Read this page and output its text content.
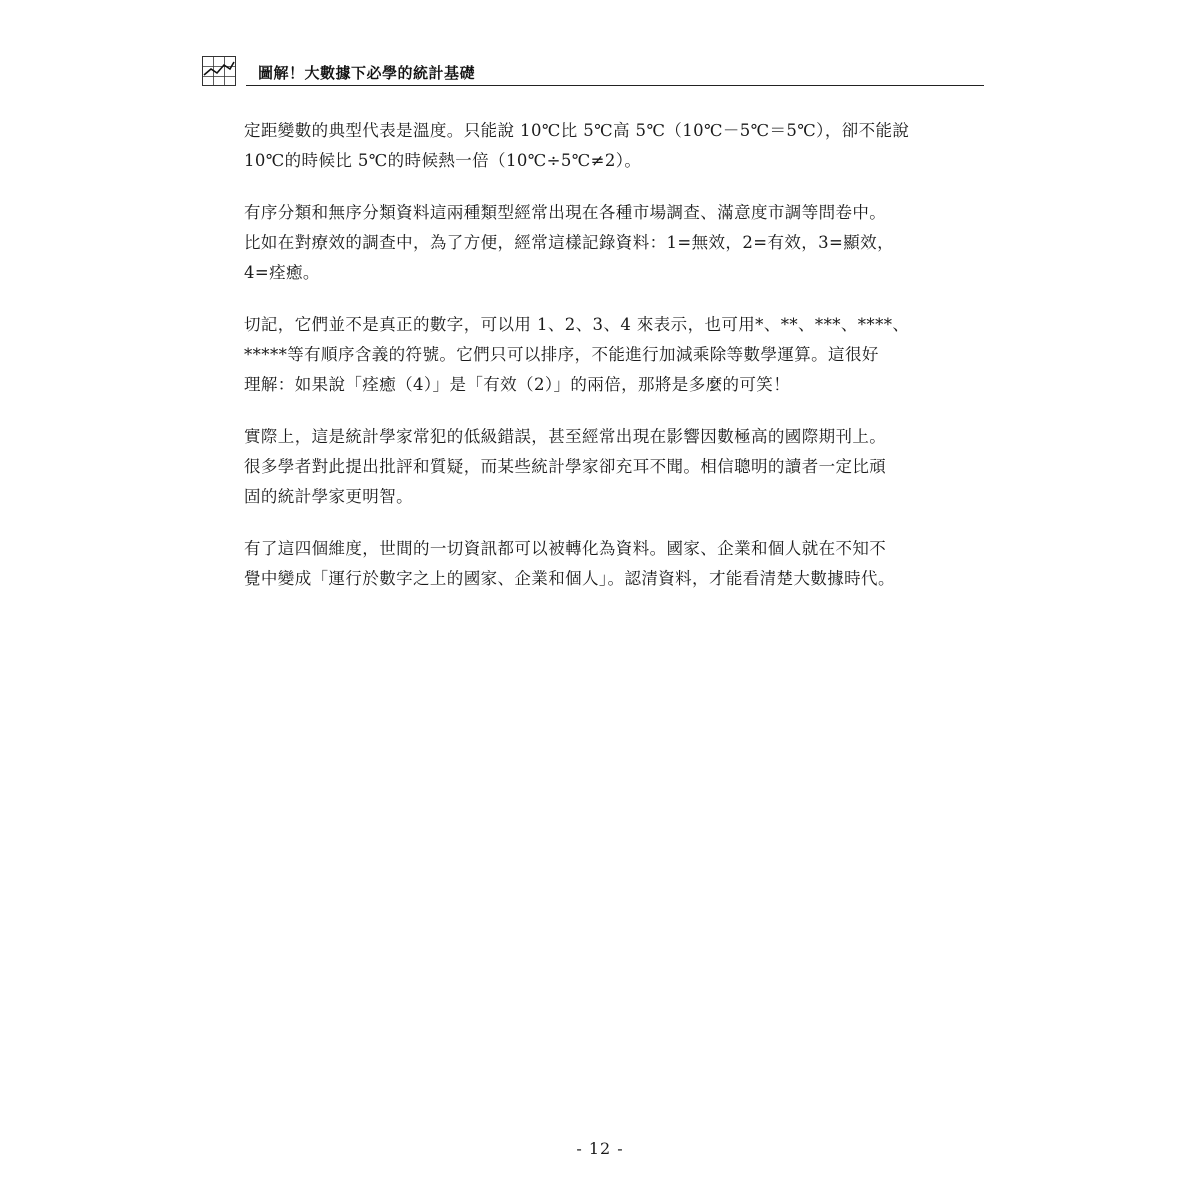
圖解！大數據下必學的統計基礎

定距變數的典型代表是溫度。只能說 10℃比 5℃高 5℃（10℃－5℃＝5℃），卻不能說
10℃的時候比 5℃的時候熱一倍（10℃÷5℃≠2）。

有序分類和無序分類資料這兩種類型經常出現在各種市場調查、滿意度市調等問卷中。
比如在對療效的調查中，為了方便，經常這樣記錄資料：1=無效，2=有效，3=顯效，
4=痊癒。

切記，它們並不是真正的數字，可以用 1、2、3、4 來表示，也可用*、**、***、****、
*****等有順序含義的符號。它們只可以排序，不能進行加減乘除等數學運算。這很好
理解：如果說「痊癒（4）」是「有效（2）」的兩倍，那將是多麼的可笑！

實際上，這是統計學家常犯的低級錯誤，甚至經常出現在影響因數極高的國際期刊上。
很多學者對此提出批評和質疑，而某些統計學家卻充耳不聞。相信聰明的讀者一定比頑
固的統計學家更明智。

有了這四個維度，世間的一切資訊都可以被轉化為資料。國家、企業和個人就在不知不
覺中變成「運行於數字之上的國家、企業和個人」。認清資料，才能看清楚大數據時代。

- 12 -
